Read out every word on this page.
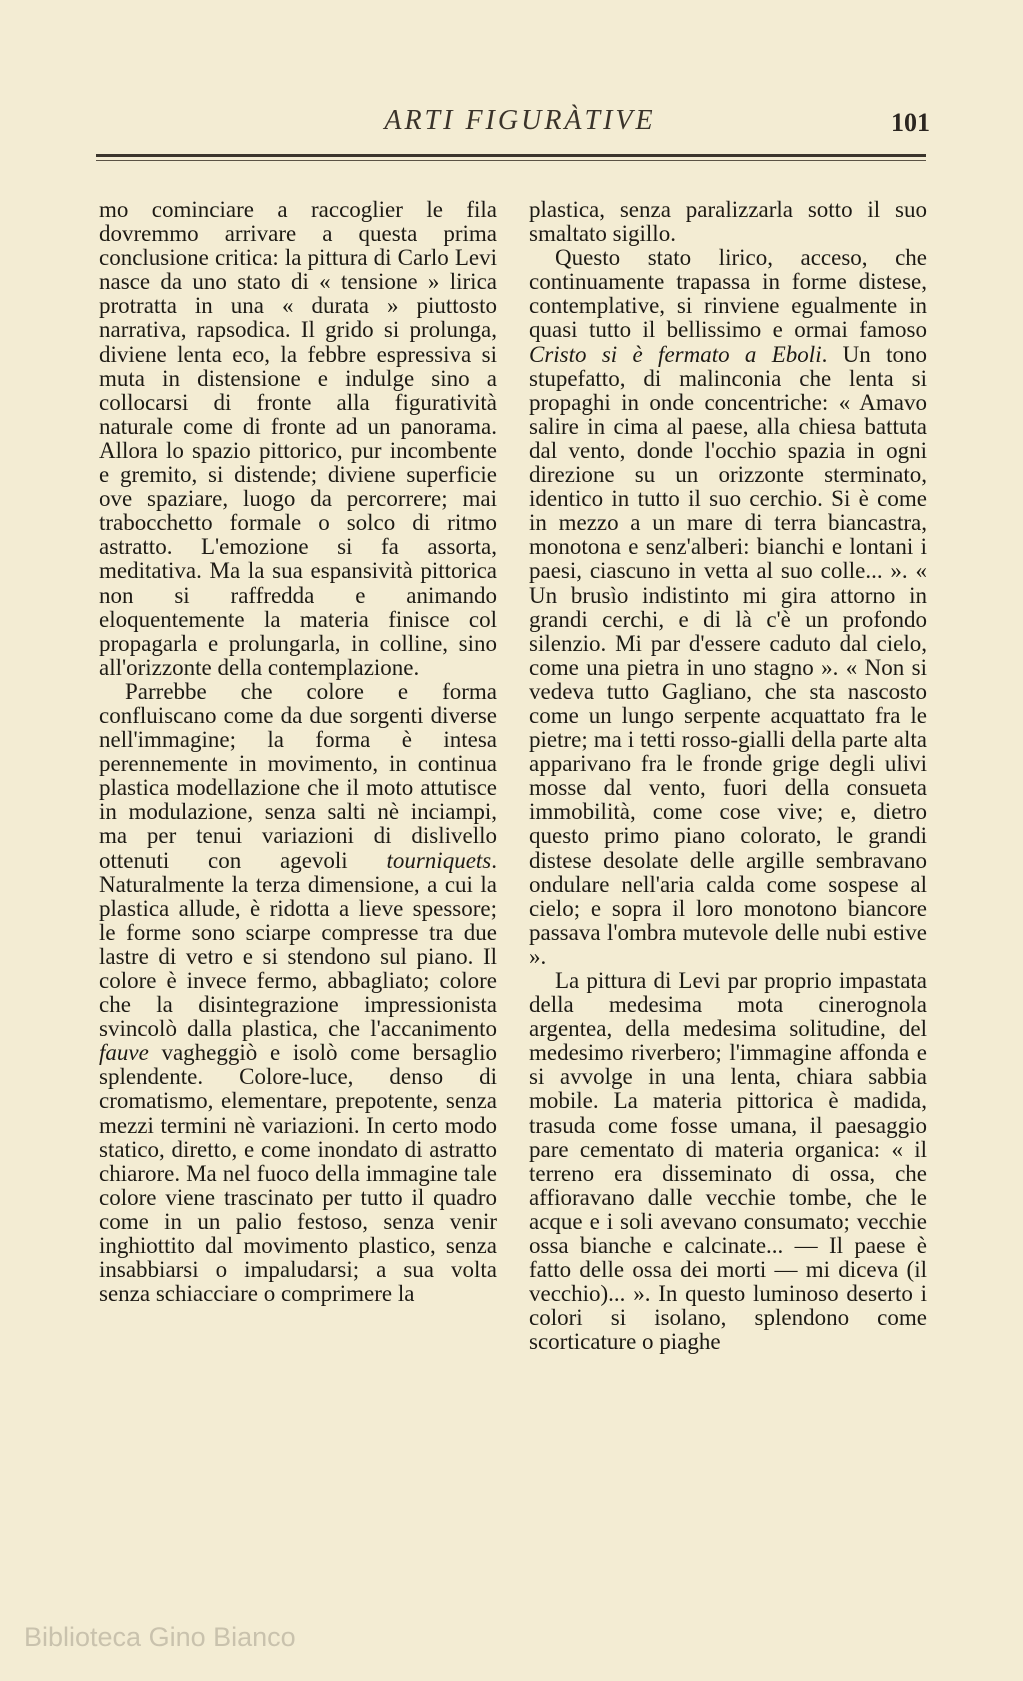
ARTI FIGURÀTIVE	101

mo cominciare a raccoglier le fila dovremmo arrivare a questa prima conclusione critica: la pittura di Carlo Levi nasce da uno stato di « tensione » lirica protratta in una « durata » piuttosto narrativa, rapsodica. Il grido si prolunga, diviene lenta eco, la febbre espressiva si muta in distensione e indulge sino a collocarsi di fronte alla figuratività naturale come di fronte ad un panorama. Allora lo spazio pittorico, pur incombente e gremito, si distende; diviene superficie ove spaziare, luogo da percorrere; mai trabocchetto formale o solco di ritmo astratto. L'emozione si fa assorta, meditativa. Ma la sua espansività pittorica non si raffredda e animando eloquentemente la materia finisce col propagarla e prolungarla, in colline, sino all'orizzonte della contemplazione.

Parrebbe che colore e forma confluiscano come da due sorgenti diverse nell'immagine; la forma è intesa perennemente in movimento, in continua plastica modellazione che il moto attutisce in modulazione, senza salti nè inciampi, ma per tenui variazioni di dislivello ottenuti con agevoli tourniquets. Naturalmente la terza dimensione, a cui la plastica allude, è ridotta a lieve spessore; le forme sono sciarpe compresse tra due lastre di vetro e si stendono sul piano. Il colore è invece fermo, abbagliato; colore che la disintegrazione impressionista svincolò dalla plastica, che l'accanimento fauve vagheggiò e isolò come bersaglio splendente. Colore-luce, denso di cromatismo, elementare, prepotente, senza mezzi termini nè variazioni. In certo modo statico, diretto, e come inondato di astratto chiarore. Ma nel fuoco della immagine tale colore viene trascinato per tutto il quadro come in un palio festoso, senza venir inghiottito dal movimento plastico, senza insabbiarsi o impaludarsi; a sua volta senza schiacciare o comprimere la

plastica, senza paralizzarla sotto il suo smaltato sigillo.

Questo stato lirico, acceso, che continuamente trapassa in forme distese, contemplative, si rinviene egualmente in quasi tutto il bellissimo e ormai famoso Cristo si è fermato a Eboli. Un tono stupefatto, di malinconia che lenta si propaghi in onde concentriche: « Amavo salire in cima al paese, alla chiesa battuta dal vento, donde l'occhio spazia in ogni direzione su un orizzonte sterminato, identico in tutto il suo cerchio. Si è come in mezzo a un mare di terra biancastra, monotona e senz'alberi: bianchi e lontani i paesi, ciascuno in vetta al suo colle... ». « Un brusìo indistinto mi gira attorno in grandi cerchi, e di là c'è un profondo silenzio. Mi par d'essere caduto dal cielo, come una pietra in uno stagno ». « Non si vedeva tutto Gagliano, che sta nascosto come un lungo serpente acquattato fra le pietre; ma i tetti rosso-gialli della parte alta apparivano fra le fronde grige degli ulivi mosse dal vento, fuori della consueta immobilità, come cose vive; e, dietro questo primo piano colorato, le grandi distese desolate delle argille sembravano ondulare nell'aria calda come sospese al cielo; e sopra il loro monotono biancore passava l'ombra mutevole delle nubi estive ».

La pittura di Levi par proprio impastata della medesima mota cinerognola argentea, della medesima solitudine, del medesimo riverbero; l'immagine affonda e si avvolge in una lenta, chiara sabbia mobile. La materia pittorica è madida, trasuda come fosse umana, il paesaggio pare cementato di materia organica: « il terreno era disseminato di ossa, che affioravano dalle vecchie tombe, che le acque e i soli avevano consumato; vecchie ossa bianche e calcinate... — Il paese è fatto delle ossa dei morti — mi diceva (il vecchio)... ». In questo luminoso deserto i colori si isolano, splendono come scorticature o piaghe

Biblioteca Gino Bianco
